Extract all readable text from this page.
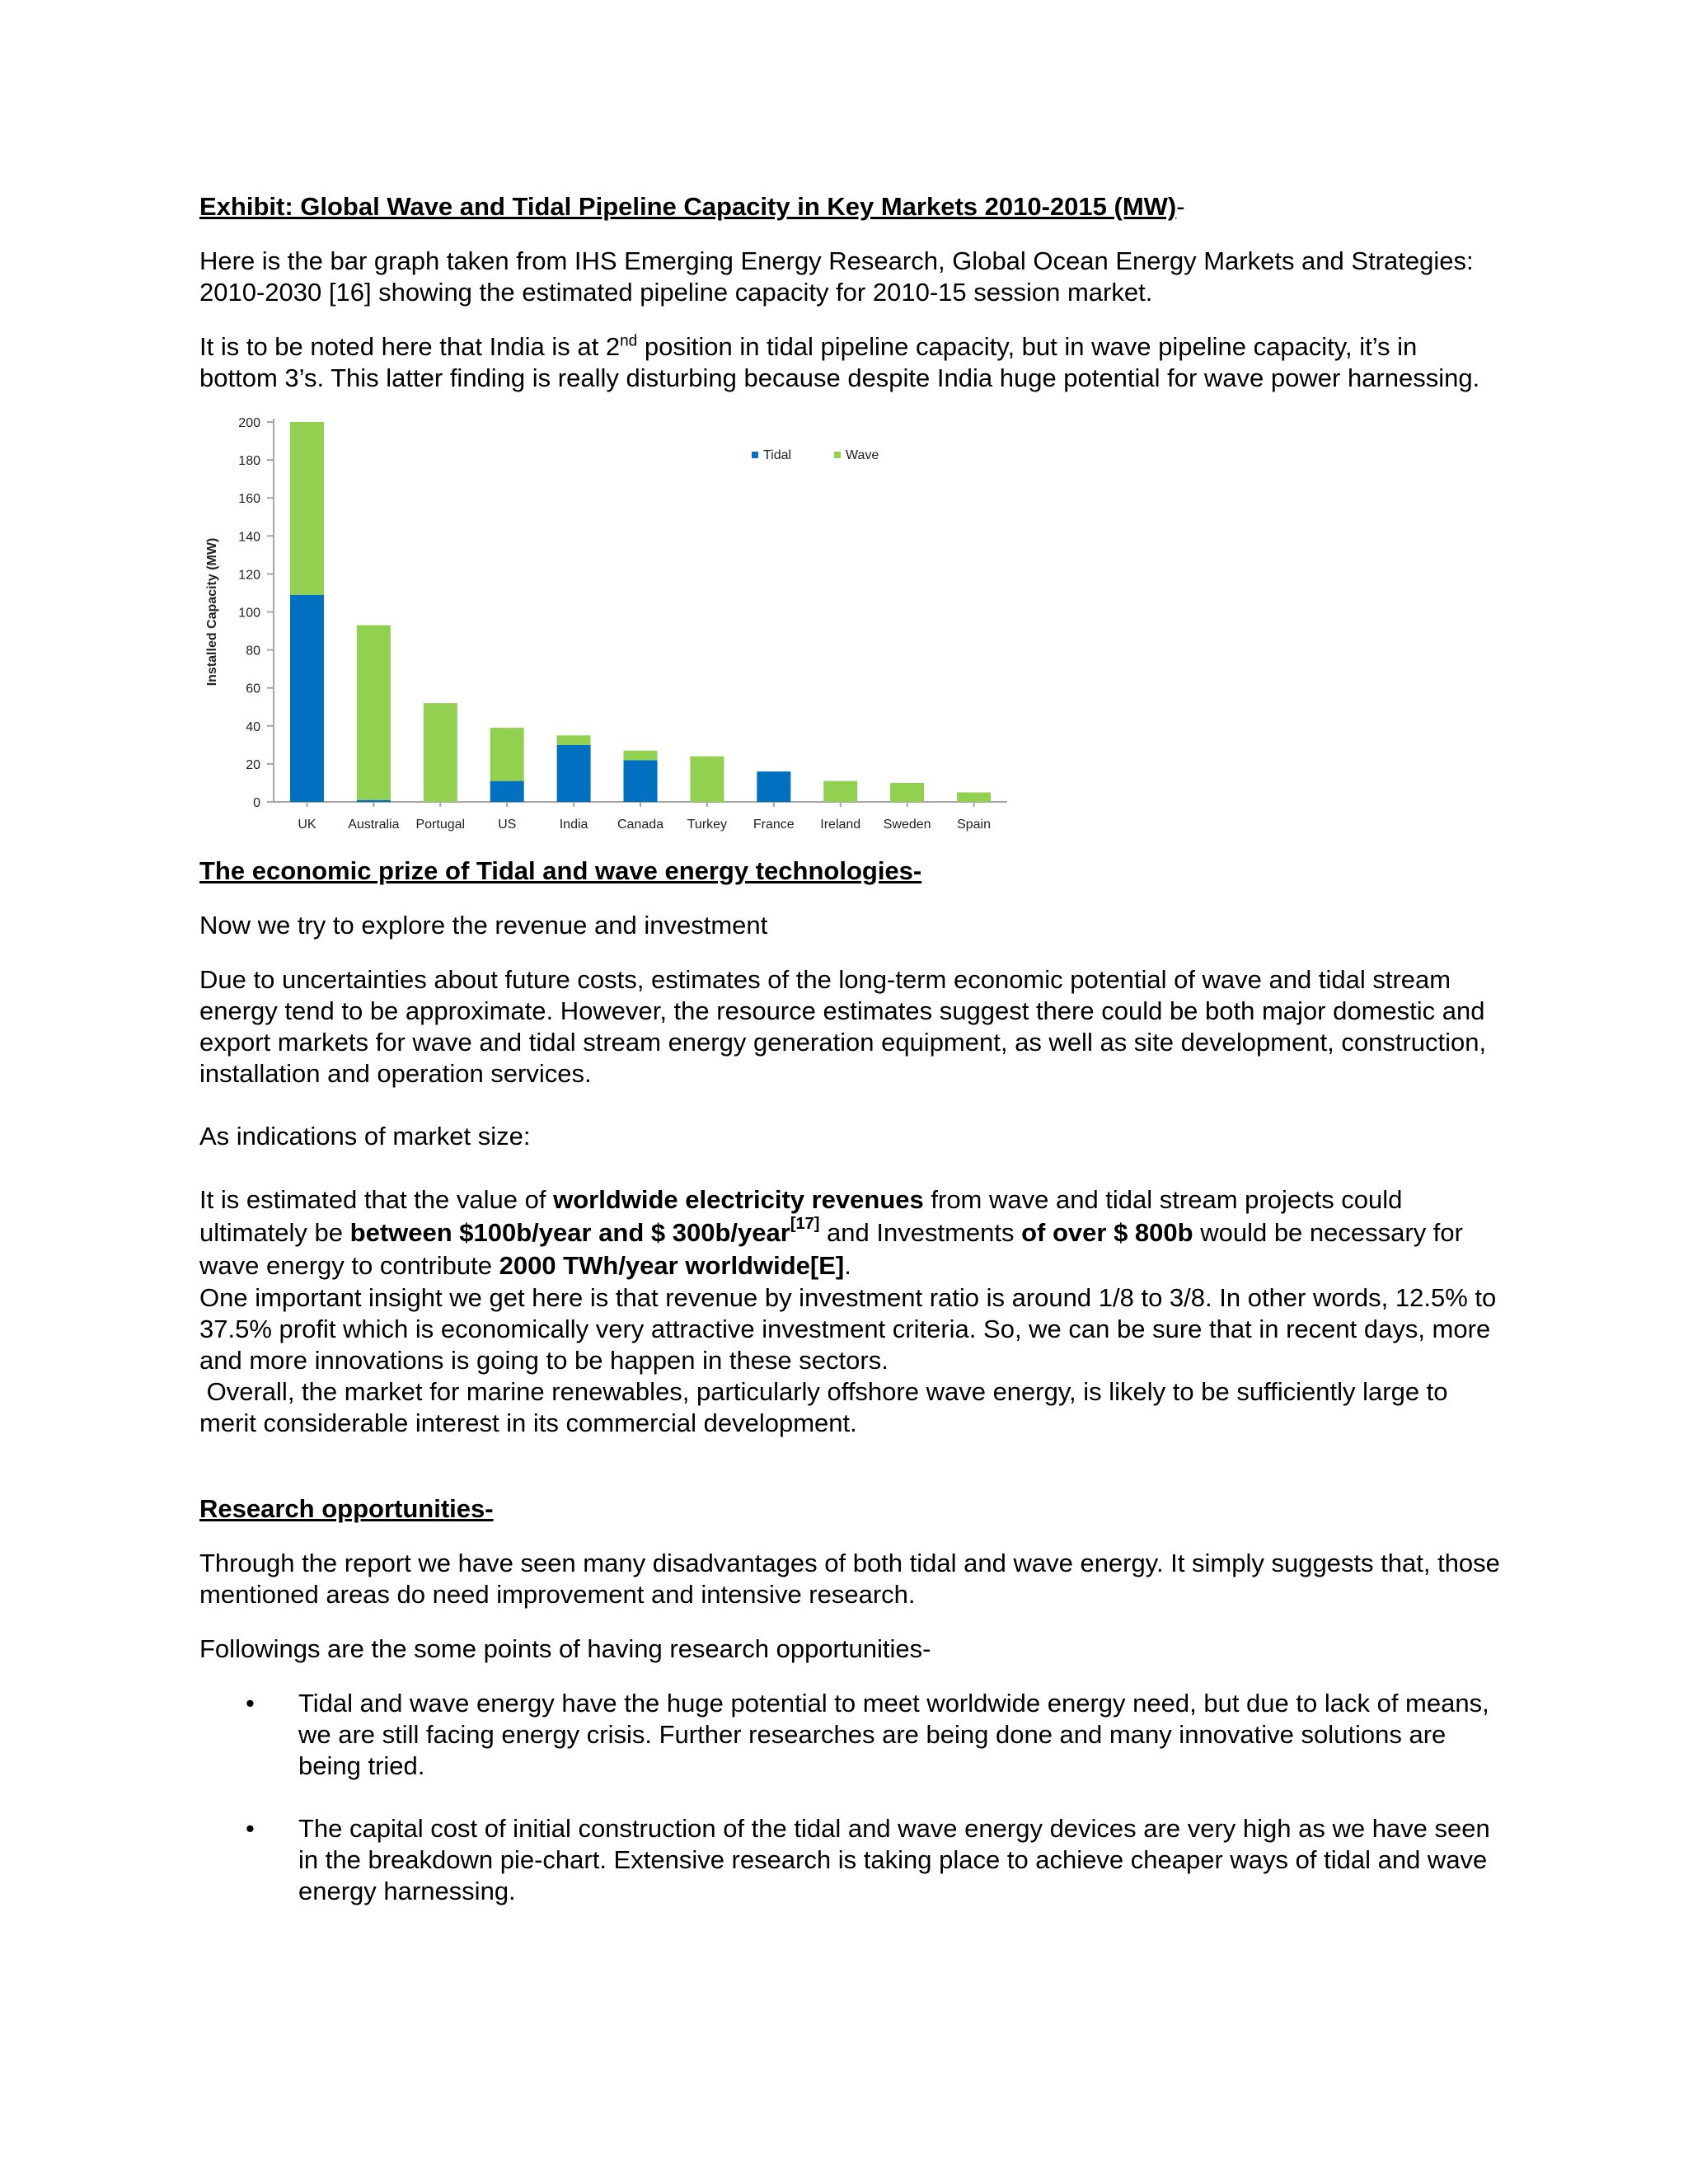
Exhibit: Global Wave and Tidal Pipeline Capacity in Key Markets 2010-2015 (MW)-

Here is the bar graph taken from IHS Emerging Energy Research, Global Ocean Energy Markets and Strategies: 2010-2030 [16] showing the estimated pipeline capacity for 2010-15 session market.

It is to be noted here that India is at 2nd position in tidal pipeline capacity, but in wave pipeline capacity, it’s in bottom 3’s. This latter finding is really disturbing because despite India huge potential for wave power harnessing.

0
20
40
60
80
100
120
140
160
180
200
Installed Capacity (MW)
UK Australia Portugal US	India Canada Turkey France Ireland Sweden Spain
Tidal	Wave

The economic prize of Tidal and wave energy technologies-

Now we try to explore the revenue and investment

Due to uncertainties about future costs, estimates of the long-term economic potential of wave and tidal stream energy tend to be approximate. However, the resource estimates suggest there could be both major domestic and export markets for wave and tidal stream energy generation equipment, as well as site development, construction, installation and operation services.

As indications of market size:

It is estimated that the value of worldwide electricity revenues from wave and tidal stream projects could ultimately be between $100b/year and $ 300b/year[17] and Investments of over $ 800b would be necessary for wave energy to contribute 2000 TWh/year worldwide[E].

One important insight we get here is that revenue by investment ratio is around 1/8 to 3/8. In other words, 12.5% to 37.5% profit which is economically very attractive investment criteria. So, we can be sure that in recent days, more and more innovations is going to be happen in these sectors.

Overall, the market for marine renewables, particularly offshore wave energy, is likely to be sufficiently large to merit considerable interest in its commercial development.

Research opportunities-

Through the report we have seen many disadvantages of both tidal and wave energy. It simply suggests that, those mentioned areas do need improvement and intensive research.

Followings are the some points of having research opportunities-

• Tidal and wave energy have the huge potential to meet worldwide energy need, but due to lack of means, we are still facing energy crisis. Further researches are being done and many innovative solutions are being tried.
• The capital cost of initial construction of the tidal and wave energy devices are very high as we have seen in the breakdown pie-chart. Extensive research is taking place to achieve cheaper ways of tidal and wave energy harnessing.
